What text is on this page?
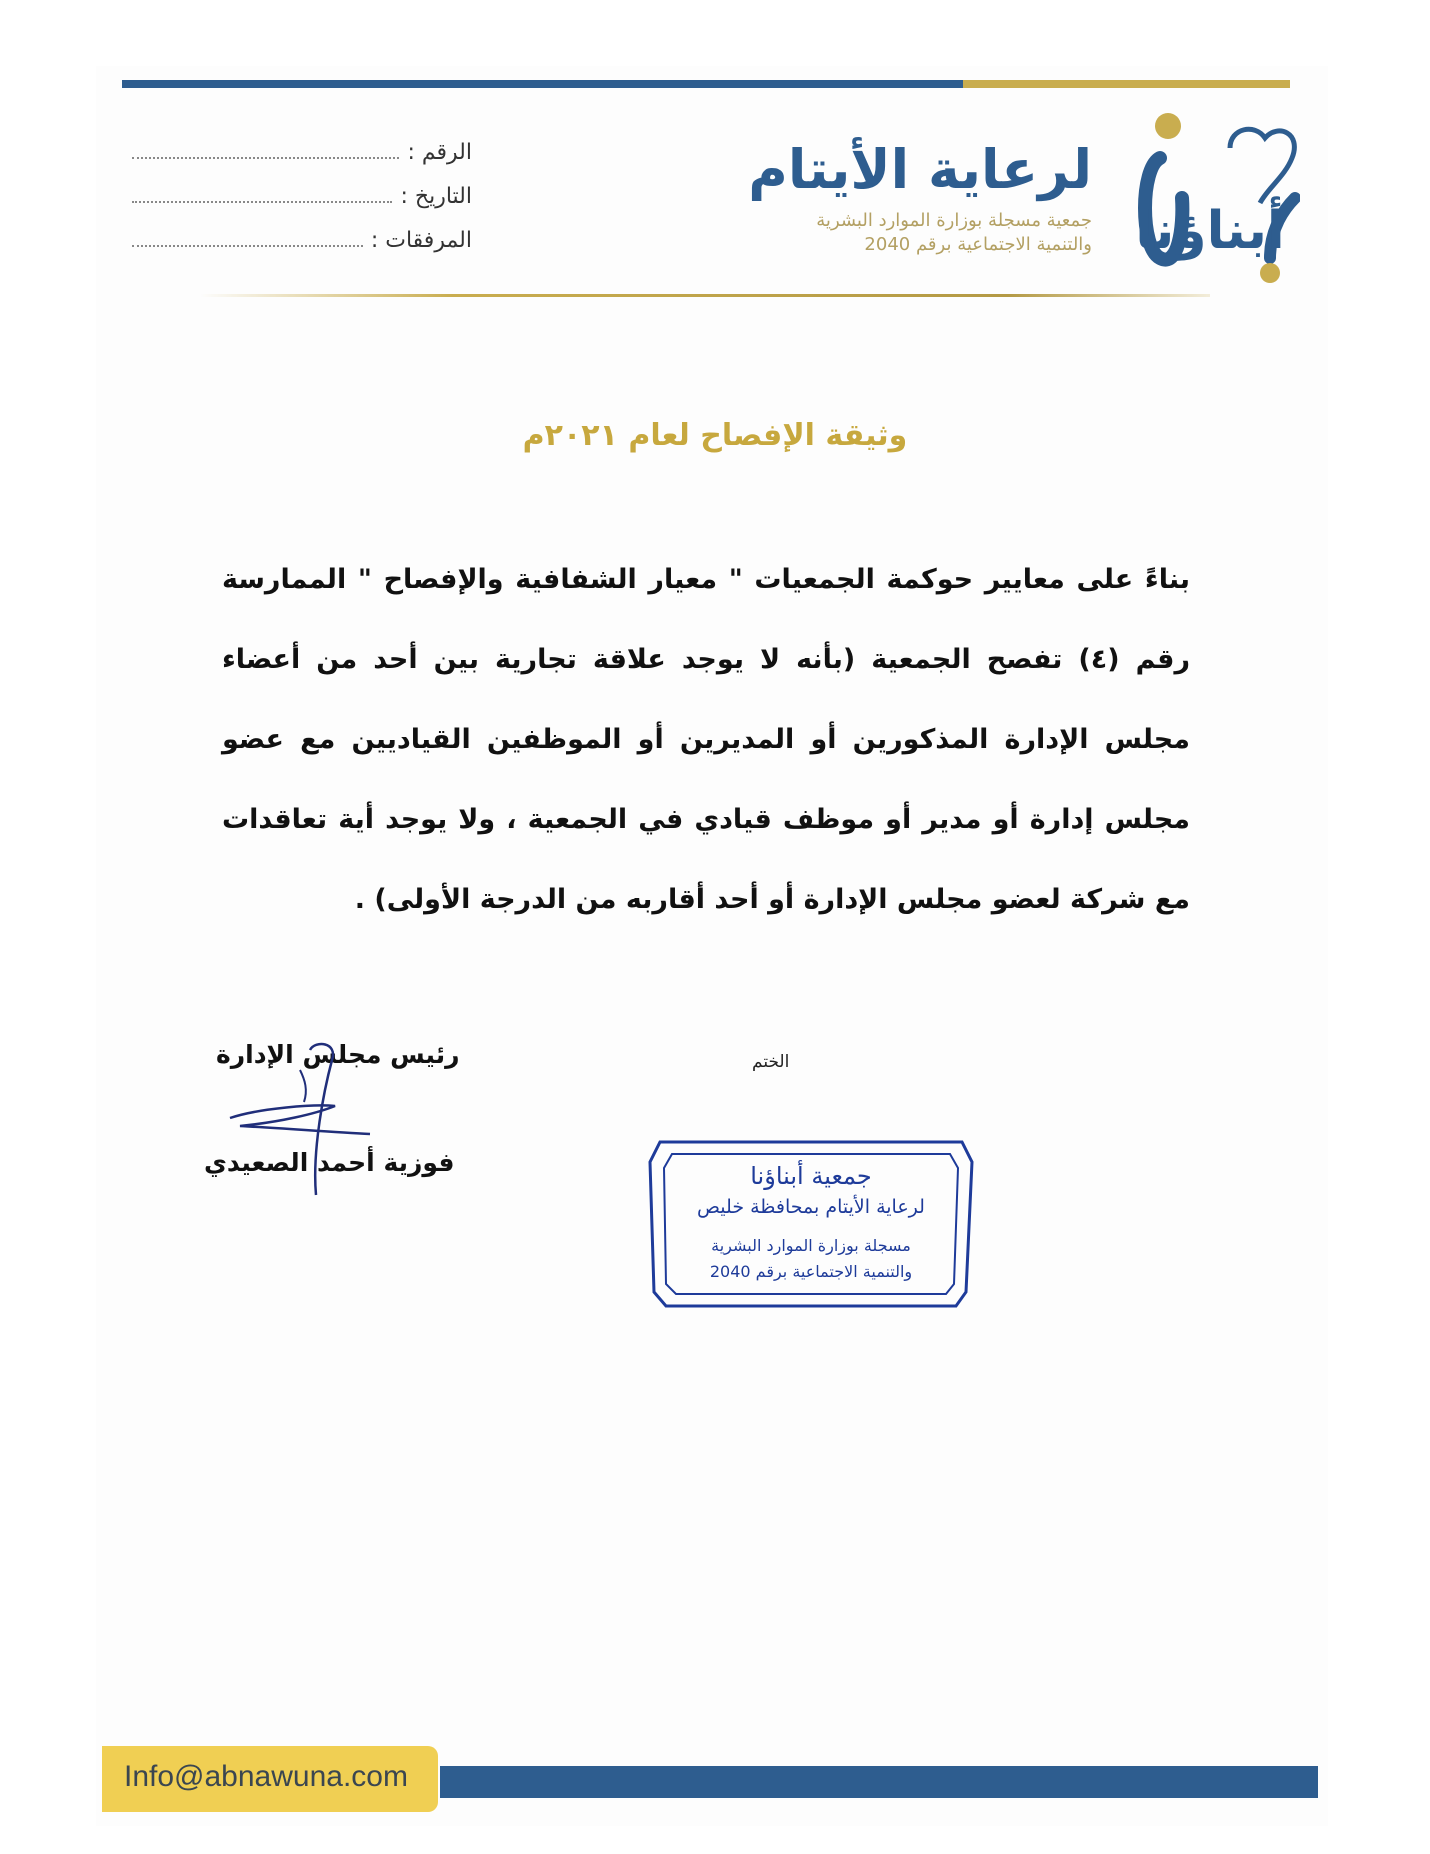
أبناؤنا
لرعاية الأيتام
جمعية مسجلة بوزارة الموارد البشرية
والتنمية الاجتماعية برقم 2040
الرقم :
التاريخ :
المرفقات :
وثيقة الإفصاح لعام ٢٠٢١م
بناءً على معايير حوكمة الجمعيات " معيار الشفافية والإفصاح " الممارسة رقم (٤) تفصح الجمعية (بأنه لا يوجد علاقة تجارية بين أحد من أعضاء مجلس الإدارة المذكورين أو المديرين أو الموظفين القياديين مع عضو مجلس إدارة أو مدير أو موظف قيادي في الجمعية ، ولا يوجد أية تعاقدات مع شركة لعضو مجلس الإدارة أو أحد أقاربه من الدرجة الأولى) .
الختم
رئيس مجلس الإدارة
فوزية أحمد الصعيدي	جمعية أبناؤنا
لرعاية الأيتام بمحافظة خليص
مسجلة بوزارة الموارد البشرية
والتنمية الاجتماعية برقم 2040
Info@abnawuna.com
